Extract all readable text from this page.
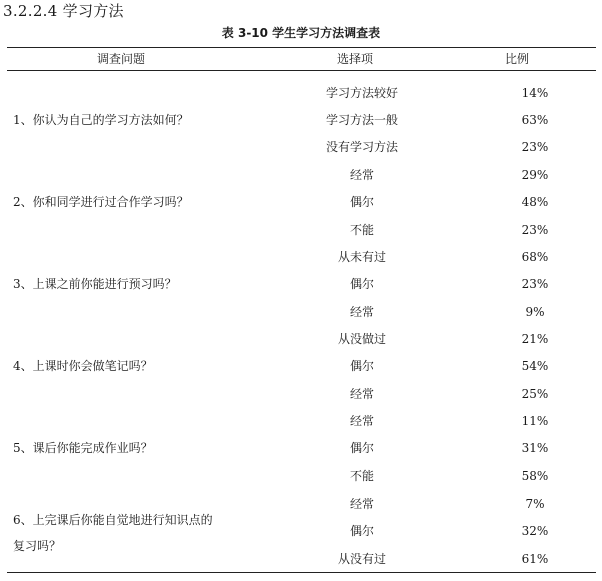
3.2.2.4 学习方法
表 3-10 学生学习方法调查表
调查问题	选择项	比例
1、你认为自己的学习方法如何？
学习方法较好	14%
学习方法一般	63%
没有学习方法	23%
2、你和同学进行过合作学习吗？
经常	29%
偶尔	48%
不能	23%
3、上课之前你能进行预习吗？
从未有过	68%
偶尔	23%
经常	9%
4、上课时你会做笔记吗？
从没做过	21%
偶尔	54%
经常	25%
5、课后你能完成作业吗？
经常	11%
偶尔	31%
不能	58%
6、上完课后你能自觉地进行知识点的
复习吗？
经常	7%
偶尔	32%
从没有过	61%
